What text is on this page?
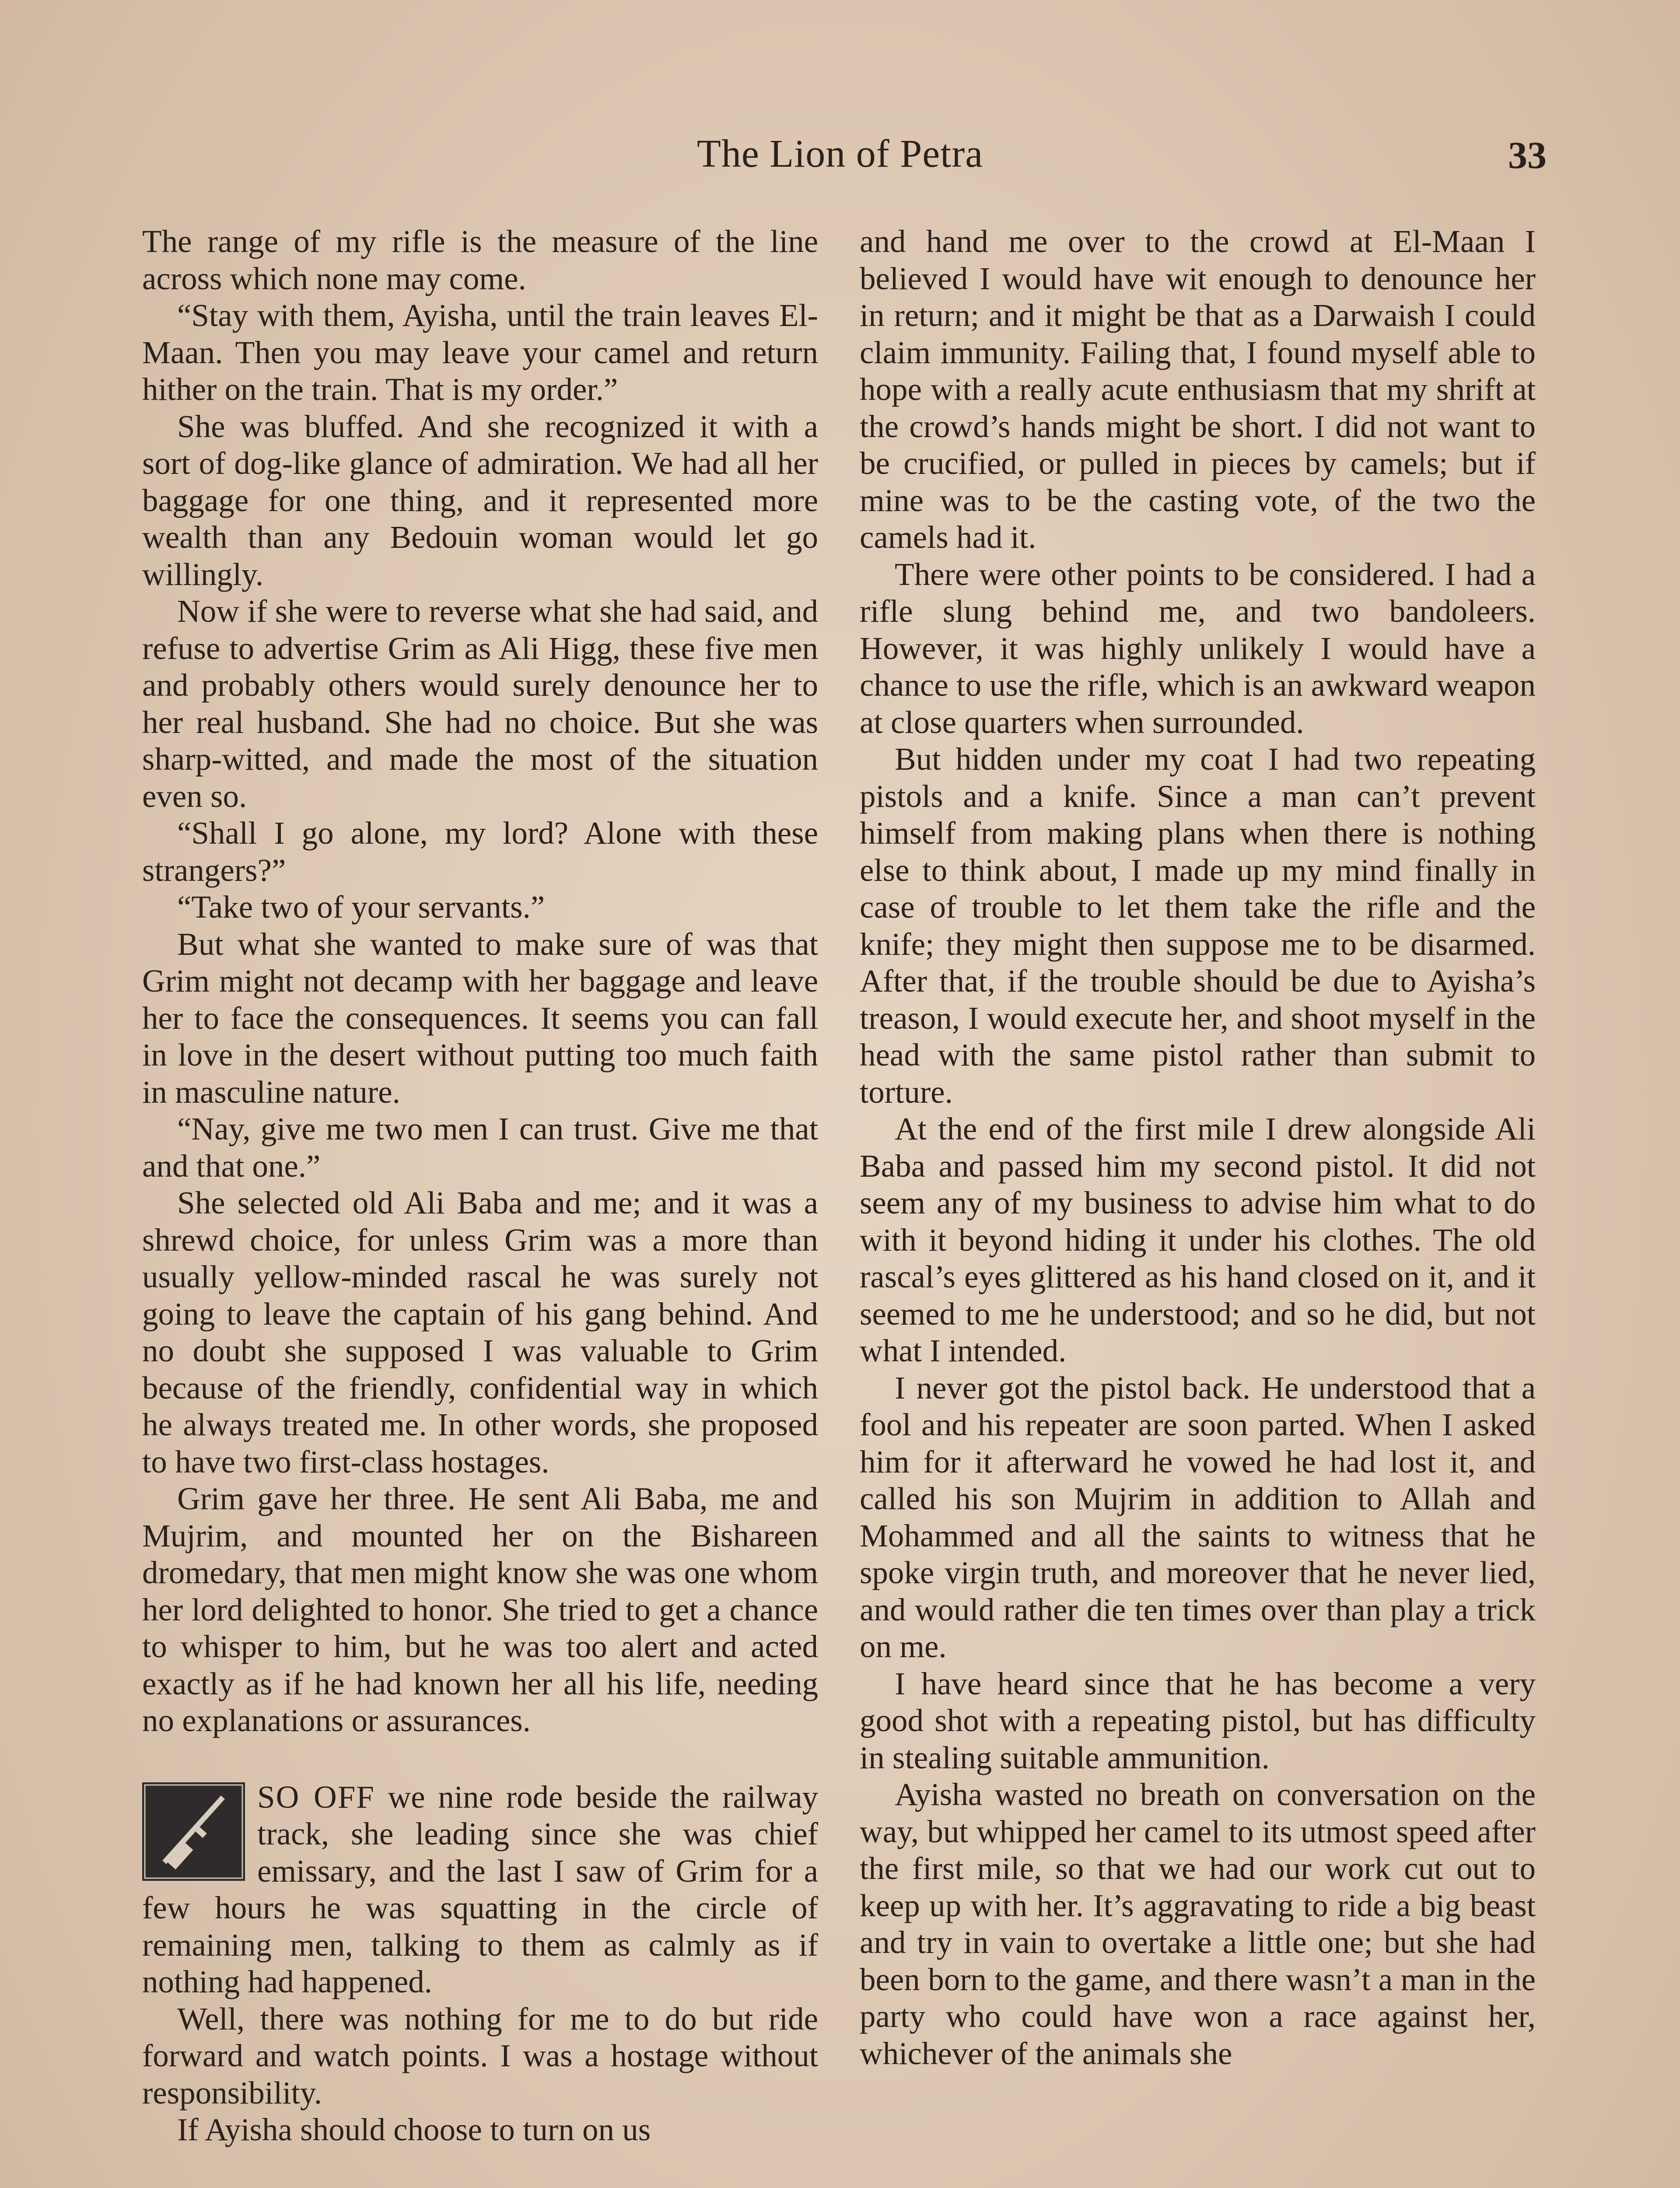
The Lion of Petra	33

The range of my rifle is the measure of the line across which none may come.

“Stay with them, Ayisha, until the train leaves El-Maan. Then you may leave your camel and return hither on the train. That is my order.”

She was bluffed. And she recognized it with a sort of dog-like glance of admiration. We had all her baggage for one thing, and it represented more wealth than any Bedouin woman would let go willingly.

Now if she were to reverse what she had said, and refuse to advertise Grim as Ali Higg, these five men and probably others would surely denounce her to her real husband. She had no choice. But she was sharp-witted, and made the most of the situation even so.

“Shall I go alone, my lord? Alone with these strangers?”

“Take two of your servants.”

But what she wanted to make sure of was that Grim might not decamp with her baggage and leave her to face the consequences. It seems you can fall in love in the desert without putting too much faith in masculine nature.

“Nay, give me two men I can trust. Give me that and that one.”

She selected old Ali Baba and me; and it was a shrewd choice, for unless Grim was a more than usually yellow-minded rascal he was surely not going to leave the captain of his gang behind. And no doubt she supposed I was valuable to Grim because of the friendly, confidential way in which he always treated me. In other words, she proposed to have two first-class hostages.

Grim gave her three. He sent Ali Baba, me and Mujrim, and mounted her on the Bishareen dromedary, that men might know she was one whom her lord delighted to honor. She tried to get a chance to whisper to him, but he was too alert and acted exactly as if he had known her all his life, needing no explanations or assurances.

SO OFF we nine rode beside the railway track, she leading since she was chief emissary, and the last I saw of Grim for a few hours he was squatting in the circle of remaining men, talking to them as calmly as if nothing had happened.

Well, there was nothing for me to do but ride forward and watch points. I was a hostage without responsibility.

If Ayisha should choose to turn on us

and hand me over to the crowd at El-Maan I believed I would have wit enough to denounce her in return; and it might be that as a Darwaish I could claim immunity. Failing that, I found myself able to hope with a really acute enthusiasm that my shrift at the crowd’s hands might be short. I did not want to be crucified, or pulled in pieces by camels; but if mine was to be the casting vote, of the two the camels had it.

There were other points to be considered. I had a rifle slung behind me, and two bandoleers. However, it was highly unlikely I would have a chance to use the rifle, which is an awkward weapon at close quarters when surrounded.

But hidden under my coat I had two repeating pistols and a knife. Since a man can’t prevent himself from making plans when there is nothing else to think about, I made up my mind finally in case of trouble to let them take the rifle and the knife; they might then suppose me to be disarmed. After that, if the trouble should be due to Ayisha’s treason, I would execute her, and shoot myself in the head with the same pistol rather than submit to torture.

At the end of the first mile I drew alongside Ali Baba and passed him my second pistol. It did not seem any of my business to advise him what to do with it beyond hiding it under his clothes. The old rascal’s eyes glittered as his hand closed on it, and it seemed to me he understood; and so he did, but not what I intended.

I never got the pistol back. He understood that a fool and his repeater are soon parted. When I asked him for it afterward he vowed he had lost it, and called his son Mujrim in addition to Allah and Mohammed and all the saints to witness that he spoke virgin truth, and moreover that he never lied, and would rather die ten times over than play a trick on me.

I have heard since that he has become a very good shot with a repeating pistol, but has difficulty in stealing suitable ammunition.

Ayisha wasted no breath on conversation on the way, but whipped her camel to its utmost speed after the first mile, so that we had our work cut out to keep up with her. It’s aggravating to ride a big beast and try in vain to overtake a little one; but she had been born to the game, and there wasn’t a man in the party who could have won a race against her, whichever of the animals she
